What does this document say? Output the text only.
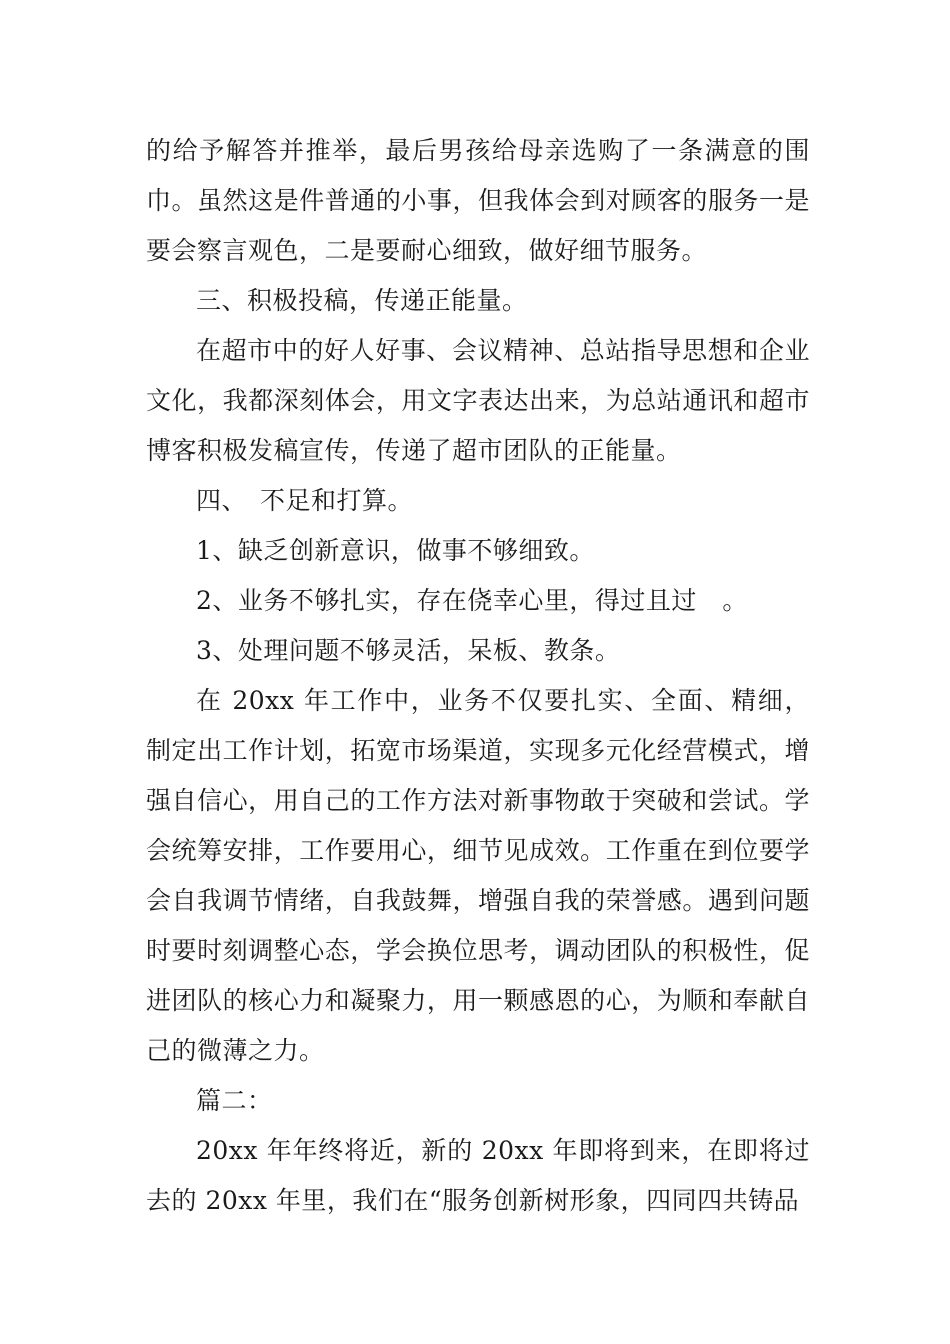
的给予解答并推举，最后男孩给母亲选购了一条满意的围巾。虽然这是件普通的小事，但我体会到对顾客的服务一是要会察言观色，二是要耐心细致，做好细节服务。

三、积极投稿，传递正能量。

在超市中的好人好事、会议精神、总站指导思想和企业文化，我都深刻体会，用文字表达出来，为总站通讯和超市博客积极发稿宣传，传递了超市团队的正能量。

四、　不足和打算。

1、缺乏创新意识，做事不够细致。

2、业务不够扎实，存在侥幸心里，得过且过　。

3、处理问题不够灵活，呆板、教条。

在 20xx 年工作中，业务不仅要扎实、全面、精细，制定出工作计划，拓宽市场渠道，实现多元化经营模式，增强自信心，用自己的工作方法对新事物敢于突破和尝试。学会统筹安排，工作要用心，细节见成效。工作重在到位要学会自我调节情绪，自我鼓舞，增强自我的荣誉感。遇到问题时要时刻调整心态，学会换位思考，调动团队的积极性，促进团队的核心力和凝聚力，用一颗感恩的心，为顺和奉献自己的微薄之力。

篇二：

20xx 年年终将近，新的 20xx 年即将到来，在即将过去的 20xx 年里，我们在“服务创新树形象，四同四共铸品
